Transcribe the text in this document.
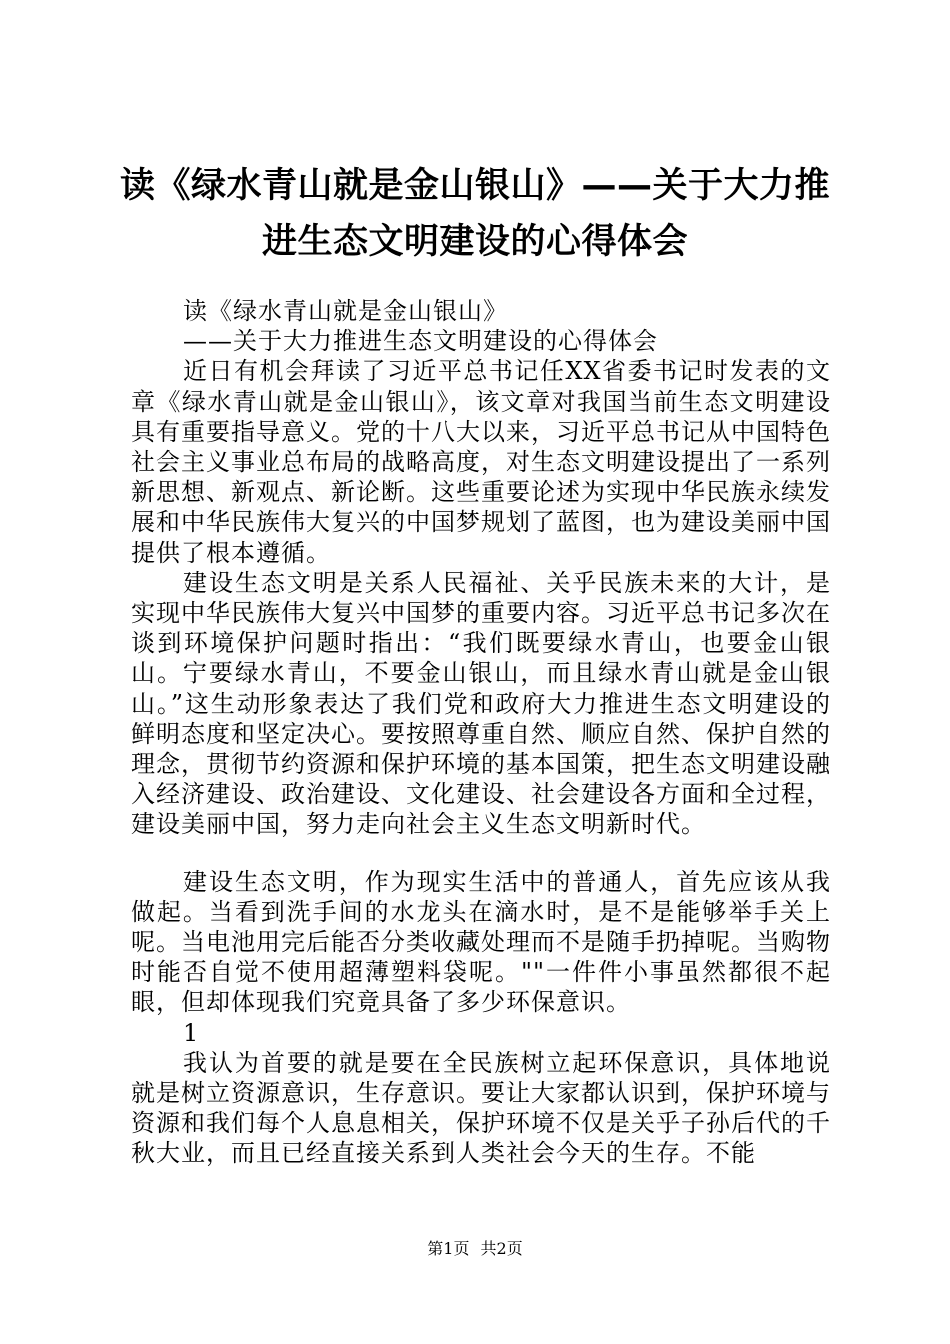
读《绿水青山就是金山银山》——关于大力推进生态文明建设的心得体会

读《绿水青山就是金山银山》

——关于大力推进生态文明建设的心得体会

近日有机会拜读了习近平总书记任XX省委书记时发表的文章《绿水青山就是金山银山》，该文章对我国当前生态文明建设具有重要指导意义。党的十八大以来，习近平总书记从中国特色社会主义事业总布局的战略高度，对生态文明建设提出了一系列新思想、新观点、新论断。这些重要论述为实现中华民族永续发展和中华民族伟大复兴的中国梦规划了蓝图，也为建设美丽中国提供了根本遵循。

建设生态文明是关系人民福祉、关乎民族未来的大计，是实现中华民族伟大复兴中国梦的重要内容。习近平总书记多次在谈到环境保护问题时指出：“我们既要绿水青山，也要金山银山。宁要绿水青山，不要金山银山，而且绿水青山就是金山银山。”这生动形象表达了我们党和政府大力推进生态文明建设的鲜明态度和坚定决心。要按照尊重自然、顺应自然、保护自然的理念，贯彻节约资源和保护环境的基本国策，把生态文明建设融入经济建设、政治建设、文化建设、社会建设各方面和全过程，建设美丽中国，努力走向社会主义生态文明新时代。

建设生态文明，作为现实生活中的普通人，首先应该从我做起。当看到洗手间的水龙头在滴水时，是不是能够举手关上呢。当电池用完后能否分类收藏处理而不是随手扔掉呢。当购物时能否自觉不使用超薄塑料袋呢。""一件件小事虽然都很不起眼，但却体现我们究竟具备了多少环保意识。

1

我认为首要的就是要在全民族树立起环保意识，具体地说就是树立资源意识，生存意识。要让大家都认识到，保护环境与资源和我们每个人息息相关，保护环境不仅是关乎子孙后代的千秋大业，而且已经直接关系到人类社会今天的生存。不能

第1页 共2页
